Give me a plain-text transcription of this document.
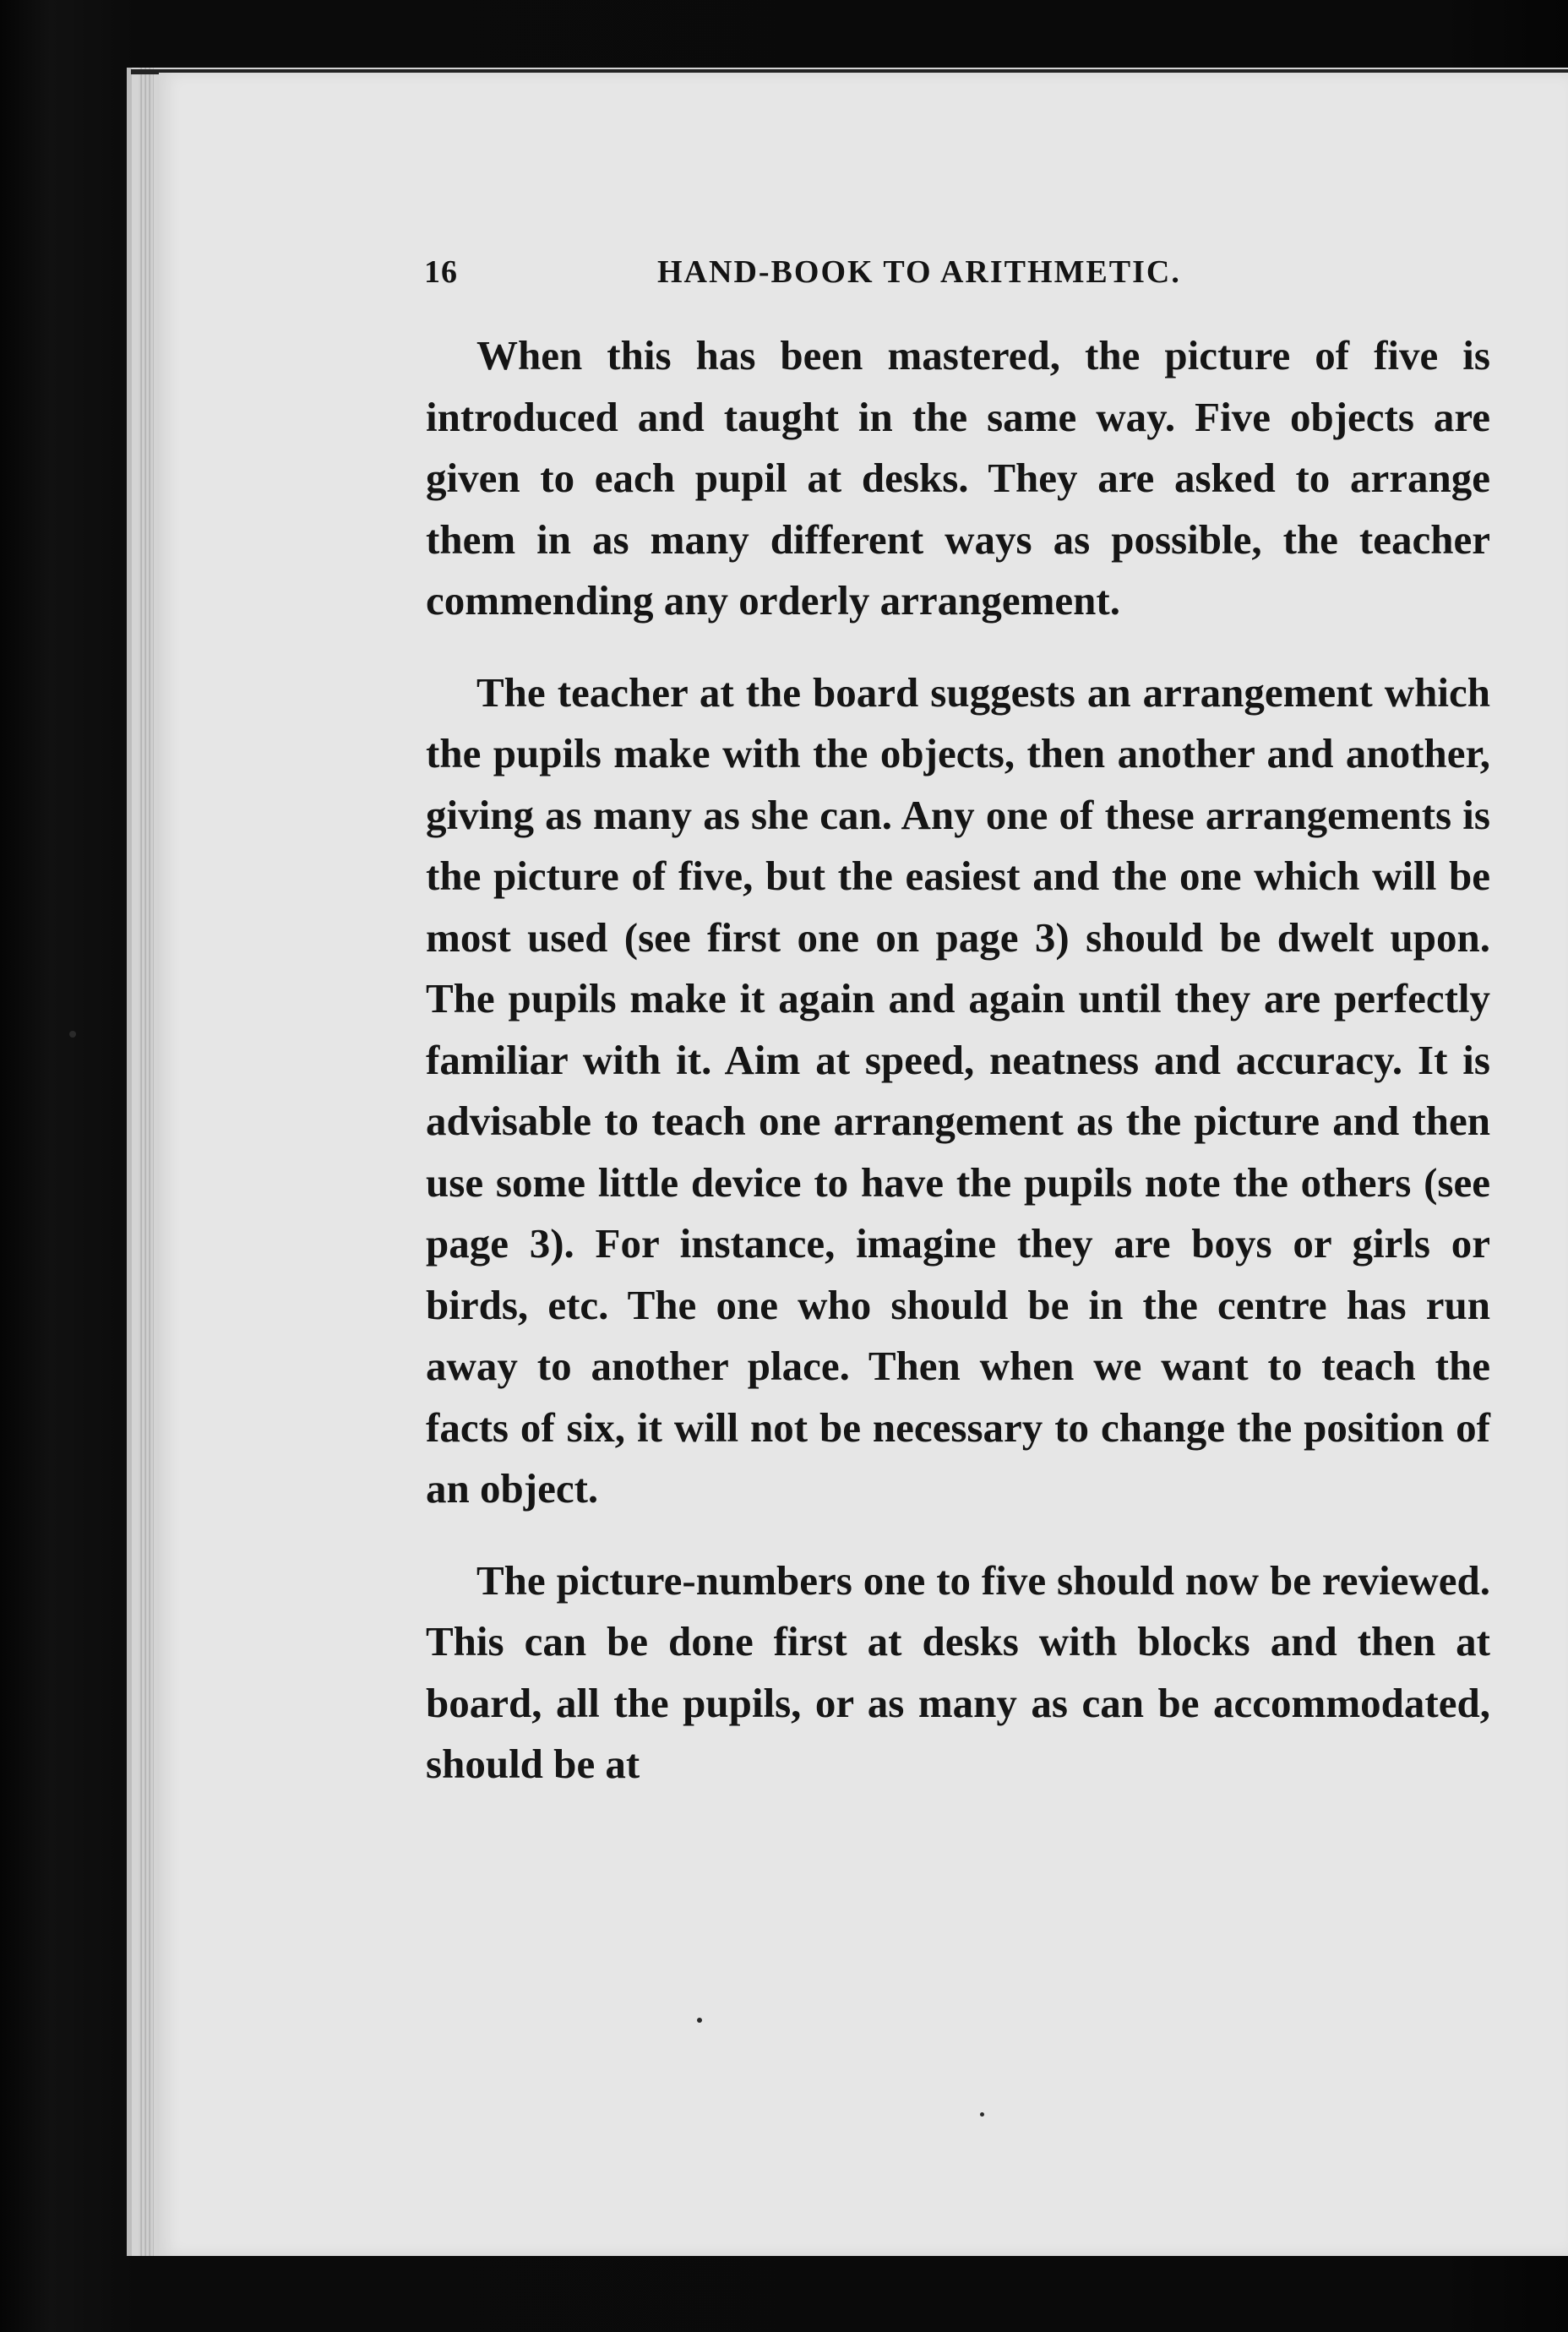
16	HAND-BOOK TO ARITHMETIC.

When this has been mastered, the picture of five is introduced and taught in the same way. Five objects are given to each pupil at desks. They are asked to arrange them in as many different ways as possible, the teacher commending any orderly arrangement.

The teacher at the board suggests an arrangement which the pupils make with the objects, then another and another, giving as many as she can. Any one of these arrangements is the picture of five, but the easiest and the one which will be most used (see first one on page 3) should be dwelt upon. The pupils make it again and again until they are perfectly familiar with it. Aim at speed, neatness and accuracy. It is advisable to teach one arrangement as the picture and then use some little device to have the pupils note the others (see page 3). For instance, imagine they are boys or girls or birds, etc. The one who should be in the centre has run away to another place. Then when we want to teach the facts of six, it will not be necessary to change the position of an object.

The picture-numbers one to five should now be reviewed. This can be done first at desks with blocks and then at board, all the pupils, or as many as can be accommodated, should be at
